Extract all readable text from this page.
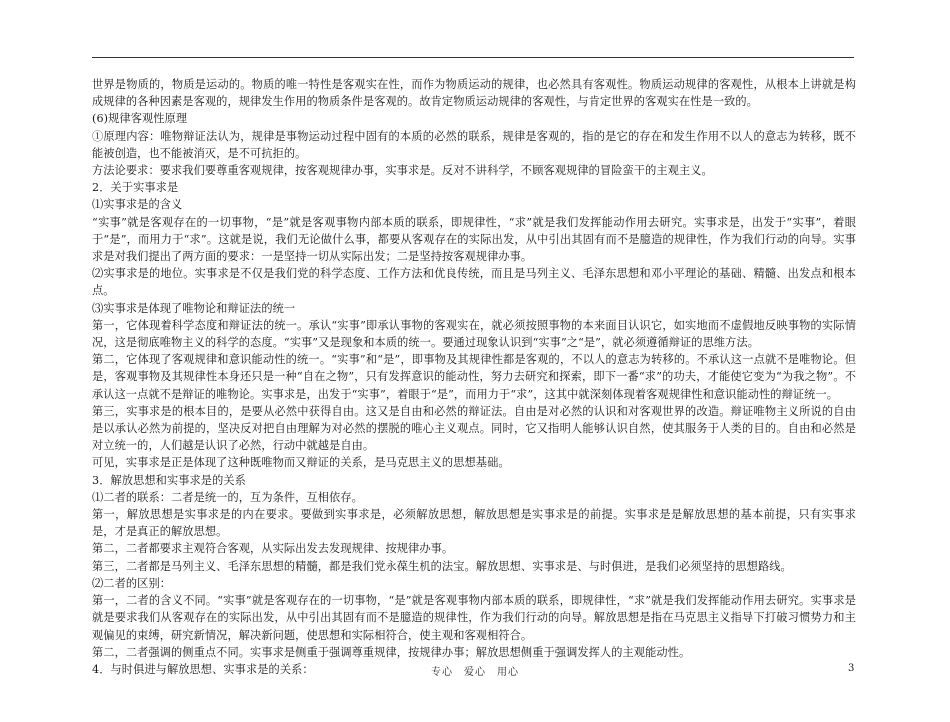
世界是物质的，物质是运动的。物质的唯一特性是客观实在性，而作为物质运动的规律，也必然具有客观性。物质运动规律的客观性，从根本上讲就是构成规律的各种因素是客观的，规律发生作用的物质条件是客观的。故肯定物质运动规律的客观性，与肯定世界的客观实在性是一致的。

(6)规律客观性原理

①原理内容：唯物辩证法认为，规律是事物运动过程中固有的本质的必然的联系，规律是客观的，指的是它的存在和发生作用不以人的意志为转移，既不能被创造，也不能被消灭，是不可抗拒的。

方法论要求：要求我们要尊重客观规律，按客观规律办事，实事求是。反对不讲科学，不顾客观规律的冒险蛮干的主观主义。

2．关于实事求是

⑴实事求是的含义

“实事”就是客观存在的一切事物，“是”就是客观事物内部本质的联系，即规律性，“求”就是我们发挥能动作用去研究。实事求是，出发于“实事”，着眼于“是”，而用力于“求”。这就是说，我们无论做什么事，都要从客观存在的实际出发，从中引出其固有而不是臆造的规律性，作为我们行动的向导。实事求是对我们提出了两方面的要求：一是坚持一切从实际出发；二是坚持按客观规律办事。

⑵实事求是的地位。实事求是不仅是我们党的科学态度、工作方法和优良传统，而且是马列主义、毛泽东思想和邓小平理论的基础、精髓、出发点和根本点。

⑶实事求是体现了唯物论和辩证法的统一

第一，它体现着科学态度和辩证法的统一。承认“实事”即承认事物的客观实在，就必须按照事物的本来面目认识它，如实地而不虚假地反映事物的实际情况，这是彻底唯物主义的科学的态度。“实事”又是现象和本质的统一。要通过现象认识到“实事”之“是”，就必须遵循辩证的思维方法。

第二，它体现了客观规律和意识能动性的统一。“实事”和“是”，即事物及其规律性都是客观的，不以人的意志为转移的。不承认这一点就不是唯物论。但是，客观事物及其规律性本身还只是一种“自在之物”，只有发挥意识的能动性，努力去研究和探索，即下一番“求”的功夫，才能使它变为“为我之物”。不承认这一点就不是辩证的唯物论。实事求是，出发于“实事”，着眼于“是”，而用力于“求”，这其中就深刻体现着客观规律性和意识能动性的辩证统一。

第三，实事求是的根本目的，是要从必然中获得自由。这又是自由和必然的辩证法。自由是对必然的认识和对客观世界的改造。辩证唯物主义所说的自由是以承认必然为前提的，坚决反对把自由理解为对必然的摆脱的唯心主义观点。同时，它又指明人能够认识自然，使其服务于人类的目的。自由和必然是对立统一的，人们越是认识了必然，行动中就越是自由。

可见，实事求是正是体现了这种既唯物而又辩证的关系，是马克思主义的思想基础。

3．解放思想和实事求是的关系

⑴二者的联系：二者是统一的，互为条件，互相依存。

第一，解放思想是实事求是的内在要求。要做到实事求是，必须解放思想，解放思想是实事求是的前提。实事求是是解放思想的基本前提，只有实事求是，才是真正的解放思想。

第二，二者都要求主观符合客观，从实际出发去发现规律、按规律办事。

第三，二者都是马列主义、毛泽东思想的精髓，都是我们党永葆生机的法宝。解放思想、实事求是、与时俱进，是我们必须坚持的思想路线。

⑵二者的区别：

第一，二者的含义不同。“实事”就是客观存在的一切事物，“是”就是客观事物内部本质的联系，即规律性，“求”就是我们发挥能动作用去研究。实事求是就是要求我们从客观存在的实际出发，从中引出其固有而不是臆造的规律性，作为我们行动的向导。解放思想是指在马克思主义指导下打破习惯势力和主观偏见的束缚，研究新情况，解决新问题，使思想和实际相符合，使主观和客观相符合。

第二，二者强调的侧重点不同。实事求是侧重于强调尊重规律，按规律办事；解放思想侧重于强调发挥人的主观能动性。

4．与时俱进与解放思想、实事求是的关系：	专心　爱心　用心	3
